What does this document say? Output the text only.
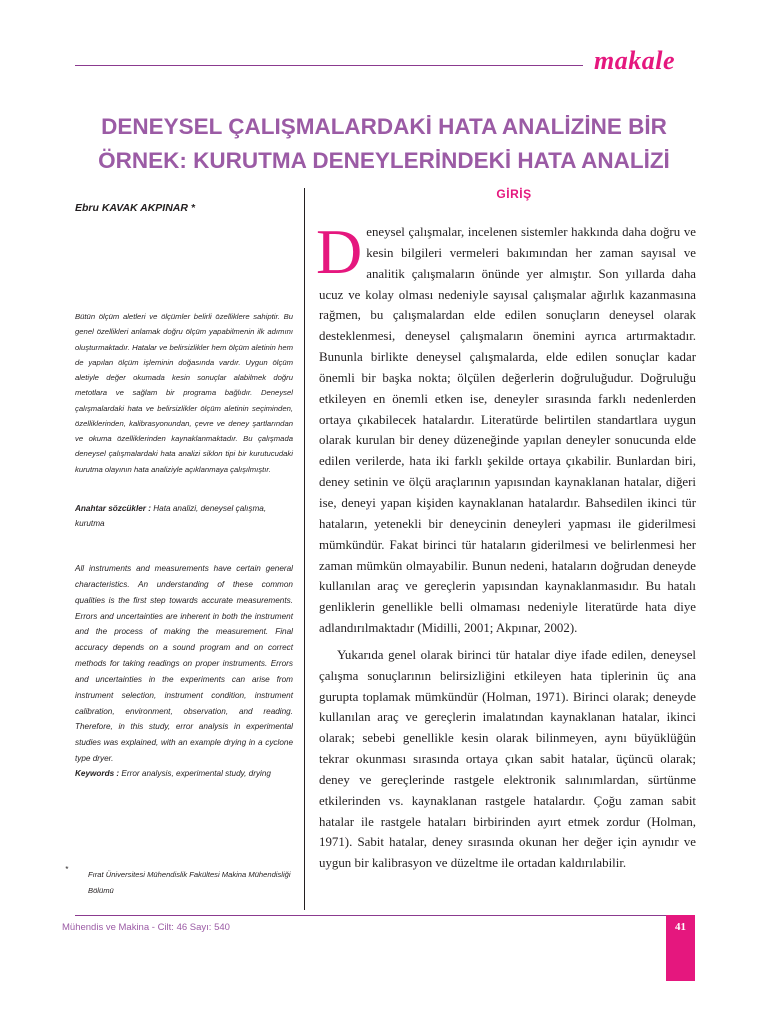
makale
DENEYSEL ÇALIŞMALARDAKİ HATA ANALİZİNE BİR
ÖRNEK: KURUTMA DENEYLERİNDEKİ HATA ANALİZİ
Ebru KAVAK AKPINAR *
Bütün ölçüm aletleri ve ölçümler belirli özelliklere sahiptir. Bu genel özellikleri anlamak doğru ölçüm yapabilmenin ilk adımını oluşturmaktadır. Hatalar ve belirsizlikler hem ölçüm aletinin hem de yapılan ölçüm işleminin doğasında vardır. Uygun ölçüm aletiyle değer okumada kesin sonuçlar alabilmek doğru metotlara ve sağlam bir programa bağlıdır. Deneysel çalışmalardaki hata ve belirsizlikler ölçüm aletinin seçiminden, özelliklerinden, kalibrasyonundan, çevre ve deney şartlarından ve okuma özelliklerinden kaynaklanmaktadır. Bu çalışmada deneysel çalışmalardaki hata analizi siklon tipi bir kurutucudaki kurutma olayının hata analiziyle açıklanmaya çalışılmıştır.
Anahtar sözcükler : Hata analizi, deneysel çalışma, kurutma
All instruments and measurements have certain general characteristics. An understanding of these common qualities is the first step towards accurate measurements. Errors and uncertainties are inherent in both the instrument and the process of making the measurement. Final accuracy depends on a sound program and on correct methods for taking readings on proper instruments. Errors and uncertainties in the experiments can arise from instrument selection, instrument condition, instrument calibration, environment, observation, and reading. Therefore, in this study, error analysis in experimental studies was explained, with an example drying in a cyclone type dryer.
Keywords : Error analysis, experimental study, drying
*
Fırat Üniversitesi Mühendislik Fakültesi Makina Mühendisliği Bölümü
GİRİŞ

Deneysel çalışmalar, incelenen sistemler hakkında daha doğru ve kesin bilgileri vermeleri bakımından her zaman sayısal ve analitik çalışmaların önünde yer almıştır. Son yıllarda daha ucuz ve kolay olması nedeniyle sayısal çalışmalar ağırlık kazanmasına rağmen, bu çalışmalardan elde edilen sonuçların deneysel olarak desteklenmesi, deneysel çalışmaların önemini ayrıca artırmaktadır. Bununla birlikte deneysel çalışmalarda, elde edilen sonuçlar kadar önemli bir başka nokta; ölçülen değerlerin doğruluğudur. Doğruluğu etkileyen en önemli etken ise, deneyler sırasında farklı nedenlerden ortaya çıkabilecek hatalardır. Literatürde belirtilen standartlara uygun olarak kurulan bir deney düzeneğinde yapılan deneyler sonucunda elde edilen verilerde, hata iki farklı şekilde ortaya çıkabilir. Bunlardan biri, deney setinin ve ölçü araçlarının yapısından kaynaklanan hatalar, diğeri ise, deneyi yapan kişiden kaynaklanan hatalardır. Bahsedilen ikinci tür hataların, yetenekli bir deneycinin deneyleri yapması ile giderilmesi mümkündür. Fakat birinci tür hataların giderilmesi ve belirlenmesi her zaman mümkün olmayabilir. Bunun nedeni, hataların doğrudan deneyde kullanılan araç ve gereçlerin yapısından kaynaklanmasıdır. Bu hatalı genliklerin genellikle belli olmaması nedeniyle literatürde hata diye adlandırılmaktadır (Midilli, 2001; Akpınar, 2002).

Yukarıda genel olarak birinci tür hatalar diye ifade edilen, deneysel çalışma sonuçlarının belirsizliğini etkileyen hata tiplerinin üç ana gurupta toplamak mümkündür (Holman, 1971). Birinci olarak; deneyde kullanılan araç ve gereçlerin imalatından kaynaklanan hatalar, ikinci olarak; sebebi genellikle kesin olarak bilinmeyen, aynı büyüklüğün tekrar okunması sırasında ortaya çıkan sabit hatalar, üçüncü olarak; deney ve gereçlerinde rastgele elektronik salınımlardan, sürtünme etkilerinden vs. kaynaklanan rastgele hatalardır. Çoğu zaman sabit hatalar ile rastgele hataları birbirinden ayırt etmek zordur (Holman, 1971). Sabit hatalar, deney sırasında okunan her değer için aynıdır ve uygun bir kalibrasyon ve düzeltme ile ortadan kaldırılabilir.

Mühendis ve Makina - Cilt: 46 Sayı: 540	41
